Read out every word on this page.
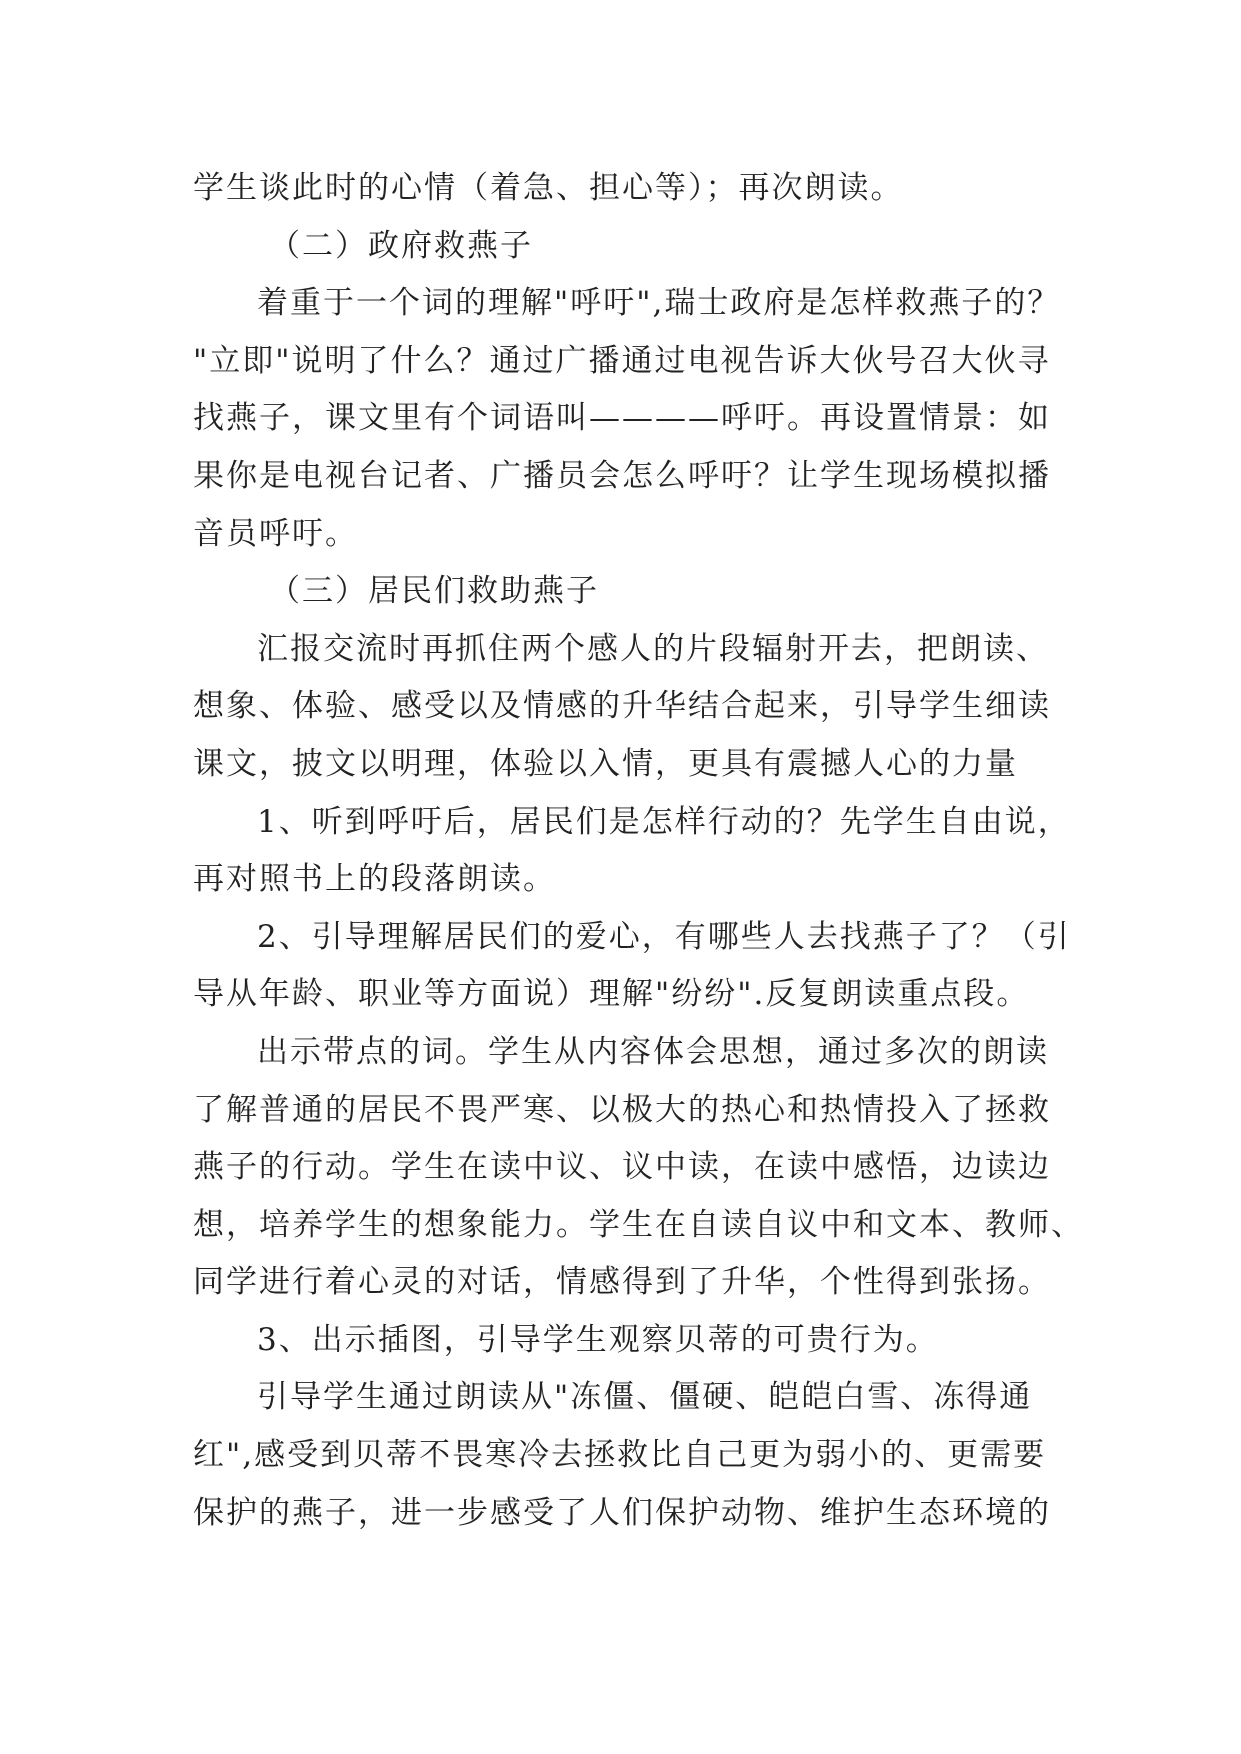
学生谈此时的心情（着急、担心等）；再次朗读。
（二）政府救燕子
着重于一个词的理解"呼吁",瑞士政府是怎样救燕子的？
"立即"说明了什么？通过广播通过电视告诉大伙号召大伙寻
找燕子，课文里有个词语叫————呼吁。再设置情景：如
果你是电视台记者、广播员会怎么呼吁？让学生现场模拟播
音员呼吁。
（三）居民们救助燕子
汇报交流时再抓住两个感人的片段辐射开去，把朗读、
想象、体验、感受以及情感的升华结合起来，引导学生细读
课文，披文以明理，体验以入情，更具有震撼人心的力量
1、听到呼吁后，居民们是怎样行动的？先学生自由说，
再对照书上的段落朗读。
2、引导理解居民们的爱心，有哪些人去找燕子了？（引
导从年龄、职业等方面说）理解"纷纷".反复朗读重点段。
出示带点的词。学生从内容体会思想，通过多次的朗读
了解普通的居民不畏严寒、以极大的热心和热情投入了拯救
燕子的行动。学生在读中议、议中读，在读中感悟，边读边
想，培养学生的想象能力。学生在自读自议中和文本、教师、
同学进行着心灵的对话，情感得到了升华，个性得到张扬。
3、出示插图，引导学生观察贝蒂的可贵行为。
引导学生通过朗读从"冻僵、僵硬、皑皑白雪、冻得通
红",感受到贝蒂不畏寒冷去拯救比自己更为弱小的、更需要
保护的燕子，进一步感受了人们保护动物、维护生态环境的
